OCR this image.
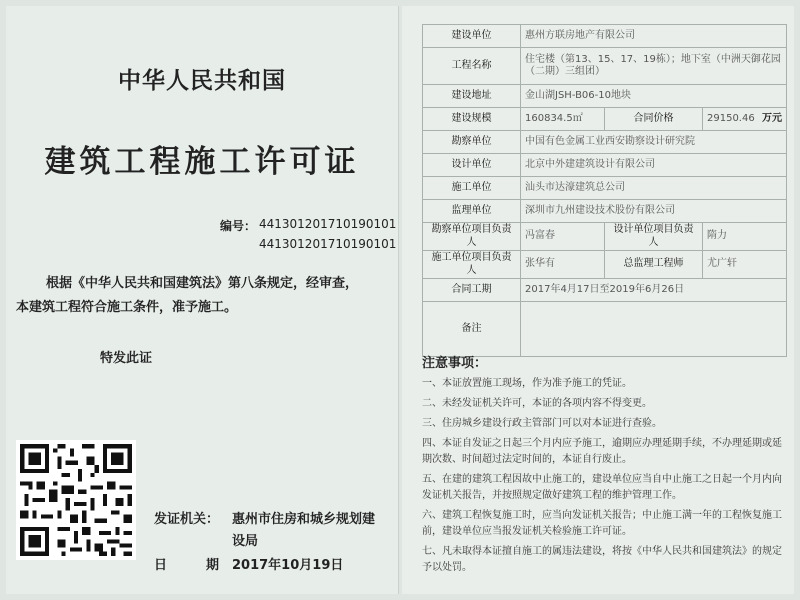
中华人民共和国
建筑工程施工许可证
编号： 441301201710190101
441301201710190101
根据《中华人民共和国建筑法》第八条规定，经审查，
本建筑工程符合施工条件，准予施工。
特发此证
发证机关： 惠州市住房和城乡规划建
设局
日　　　期 2017年10月19日
建设单位	惠州方联房地产有限公司		
工程名称	住宅楼（第13、15、17、19栋）；地下室（中洲天御花园（二期）三组团）		
建设地址	金山湖JSH-B06-10地块		
建设规模	160834.5㎡	合同价格	29150.46 万元

勘察单位	中国有色金属工业西安勘察设计研究院		
设计单位	北京中外建建筑设计有限公司		
施工单位	汕头市达濠建筑总公司		
监理单位	深圳市九州建设技术股份有限公司		
勘察单位项目负责人	冯富春	设计单位项目负责人	隋力
施工单位项目负责人	张华有	总监理工程师	尤广轩
合同工期	2017年4月17日至2019年6月26日		
备注			
注意事项：
一、本证放置施工现场，作为准予施工的凭证。
二、未经发证机关许可，本证的各项内容不得变更。
三、住房城乡建设行政主管部门可以对本证进行查验。
四、本证自发证之日起三个月内应予施工，逾期应办理延期手续，不办理延期或延期次数、时间超过法定时间的，本证自行废止。
五、在建的建筑工程因故中止施工的，建设单位应当自中止施工之日起一个月内向发证机关报告，并按照规定做好建筑工程的维护管理工作。
六、建筑工程恢复施工时，应当向发证机关报告；中止施工满一年的工程恢复施工前，建设单位应当报发证机关检验施工许可证。
七、凡未取得本证擅自施工的属违法建设，将按《中华人民共和国建筑法》的规定予以处罚。
